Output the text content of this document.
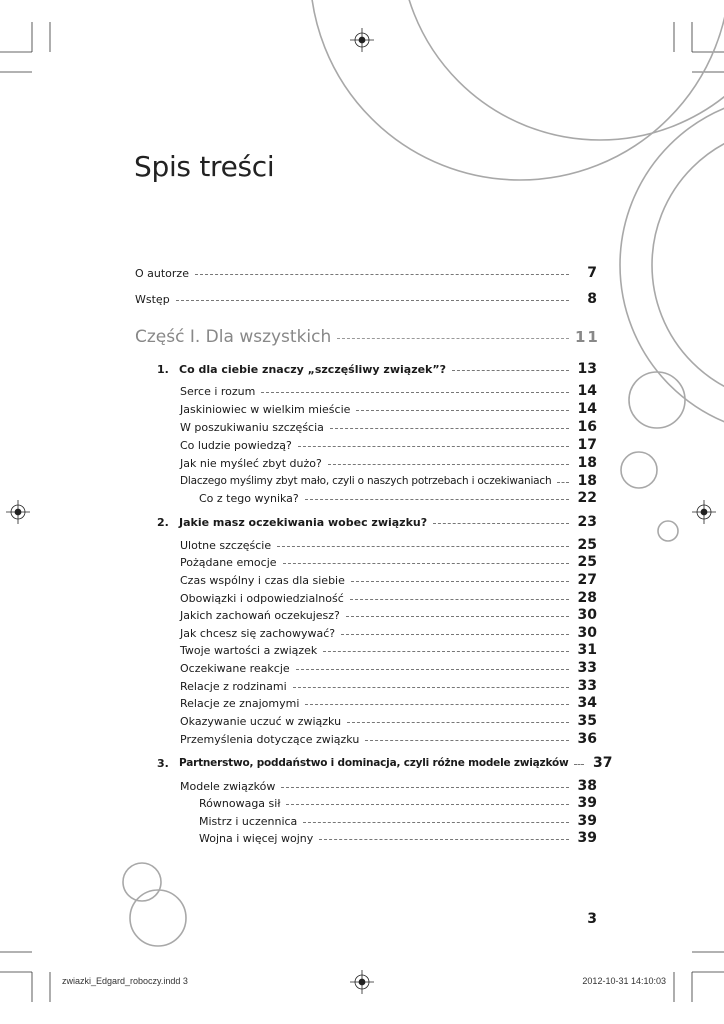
Spis treści
O autorze	7
Wstęp	8
Część I. Dla wszystkich	11
1. Co dla ciebie znaczy „szczęśliwy związek”?	13
Serce i rozum	14
Jaskiniowiec w wielkim mieście	14
W poszukiwaniu szczęścia	16
Co ludzie powiedzą?	17
Jak nie myśleć zbyt dużo?	18
Dlaczego myślimy zbyt mało, czyli o naszych potrzebach i oczekiwaniach 18
Co z tego wynika?	22
2. Jakie masz oczekiwania wobec związku?	23
Ulotne szczęście	25
Pożądane emocje	25
Czas wspólny i czas dla siebie	27
Obowiązki i odpowiedzialność	28
Jakich zachowań oczekujesz?	30
Jak chcesz się zachowywać?	30
Twoje wartości a związek	31
Oczekiwane reakcje	33
Relacje z rodzinami	33
Relacje ze znajomymi	34
Okazywanie uczuć w związku	35
Przemyślenia dotyczące związku	36
3. Partnerstwo, poddaństwo i dominacja, czyli różne modele związków 37
Modele związków	38
Równowaga sił	39
Mistrz i uczennica	39
Wojna i więcej wojny	39
3
zwiazki_Edgard_roboczy.indd 3	2012-10-31 14:10:03
